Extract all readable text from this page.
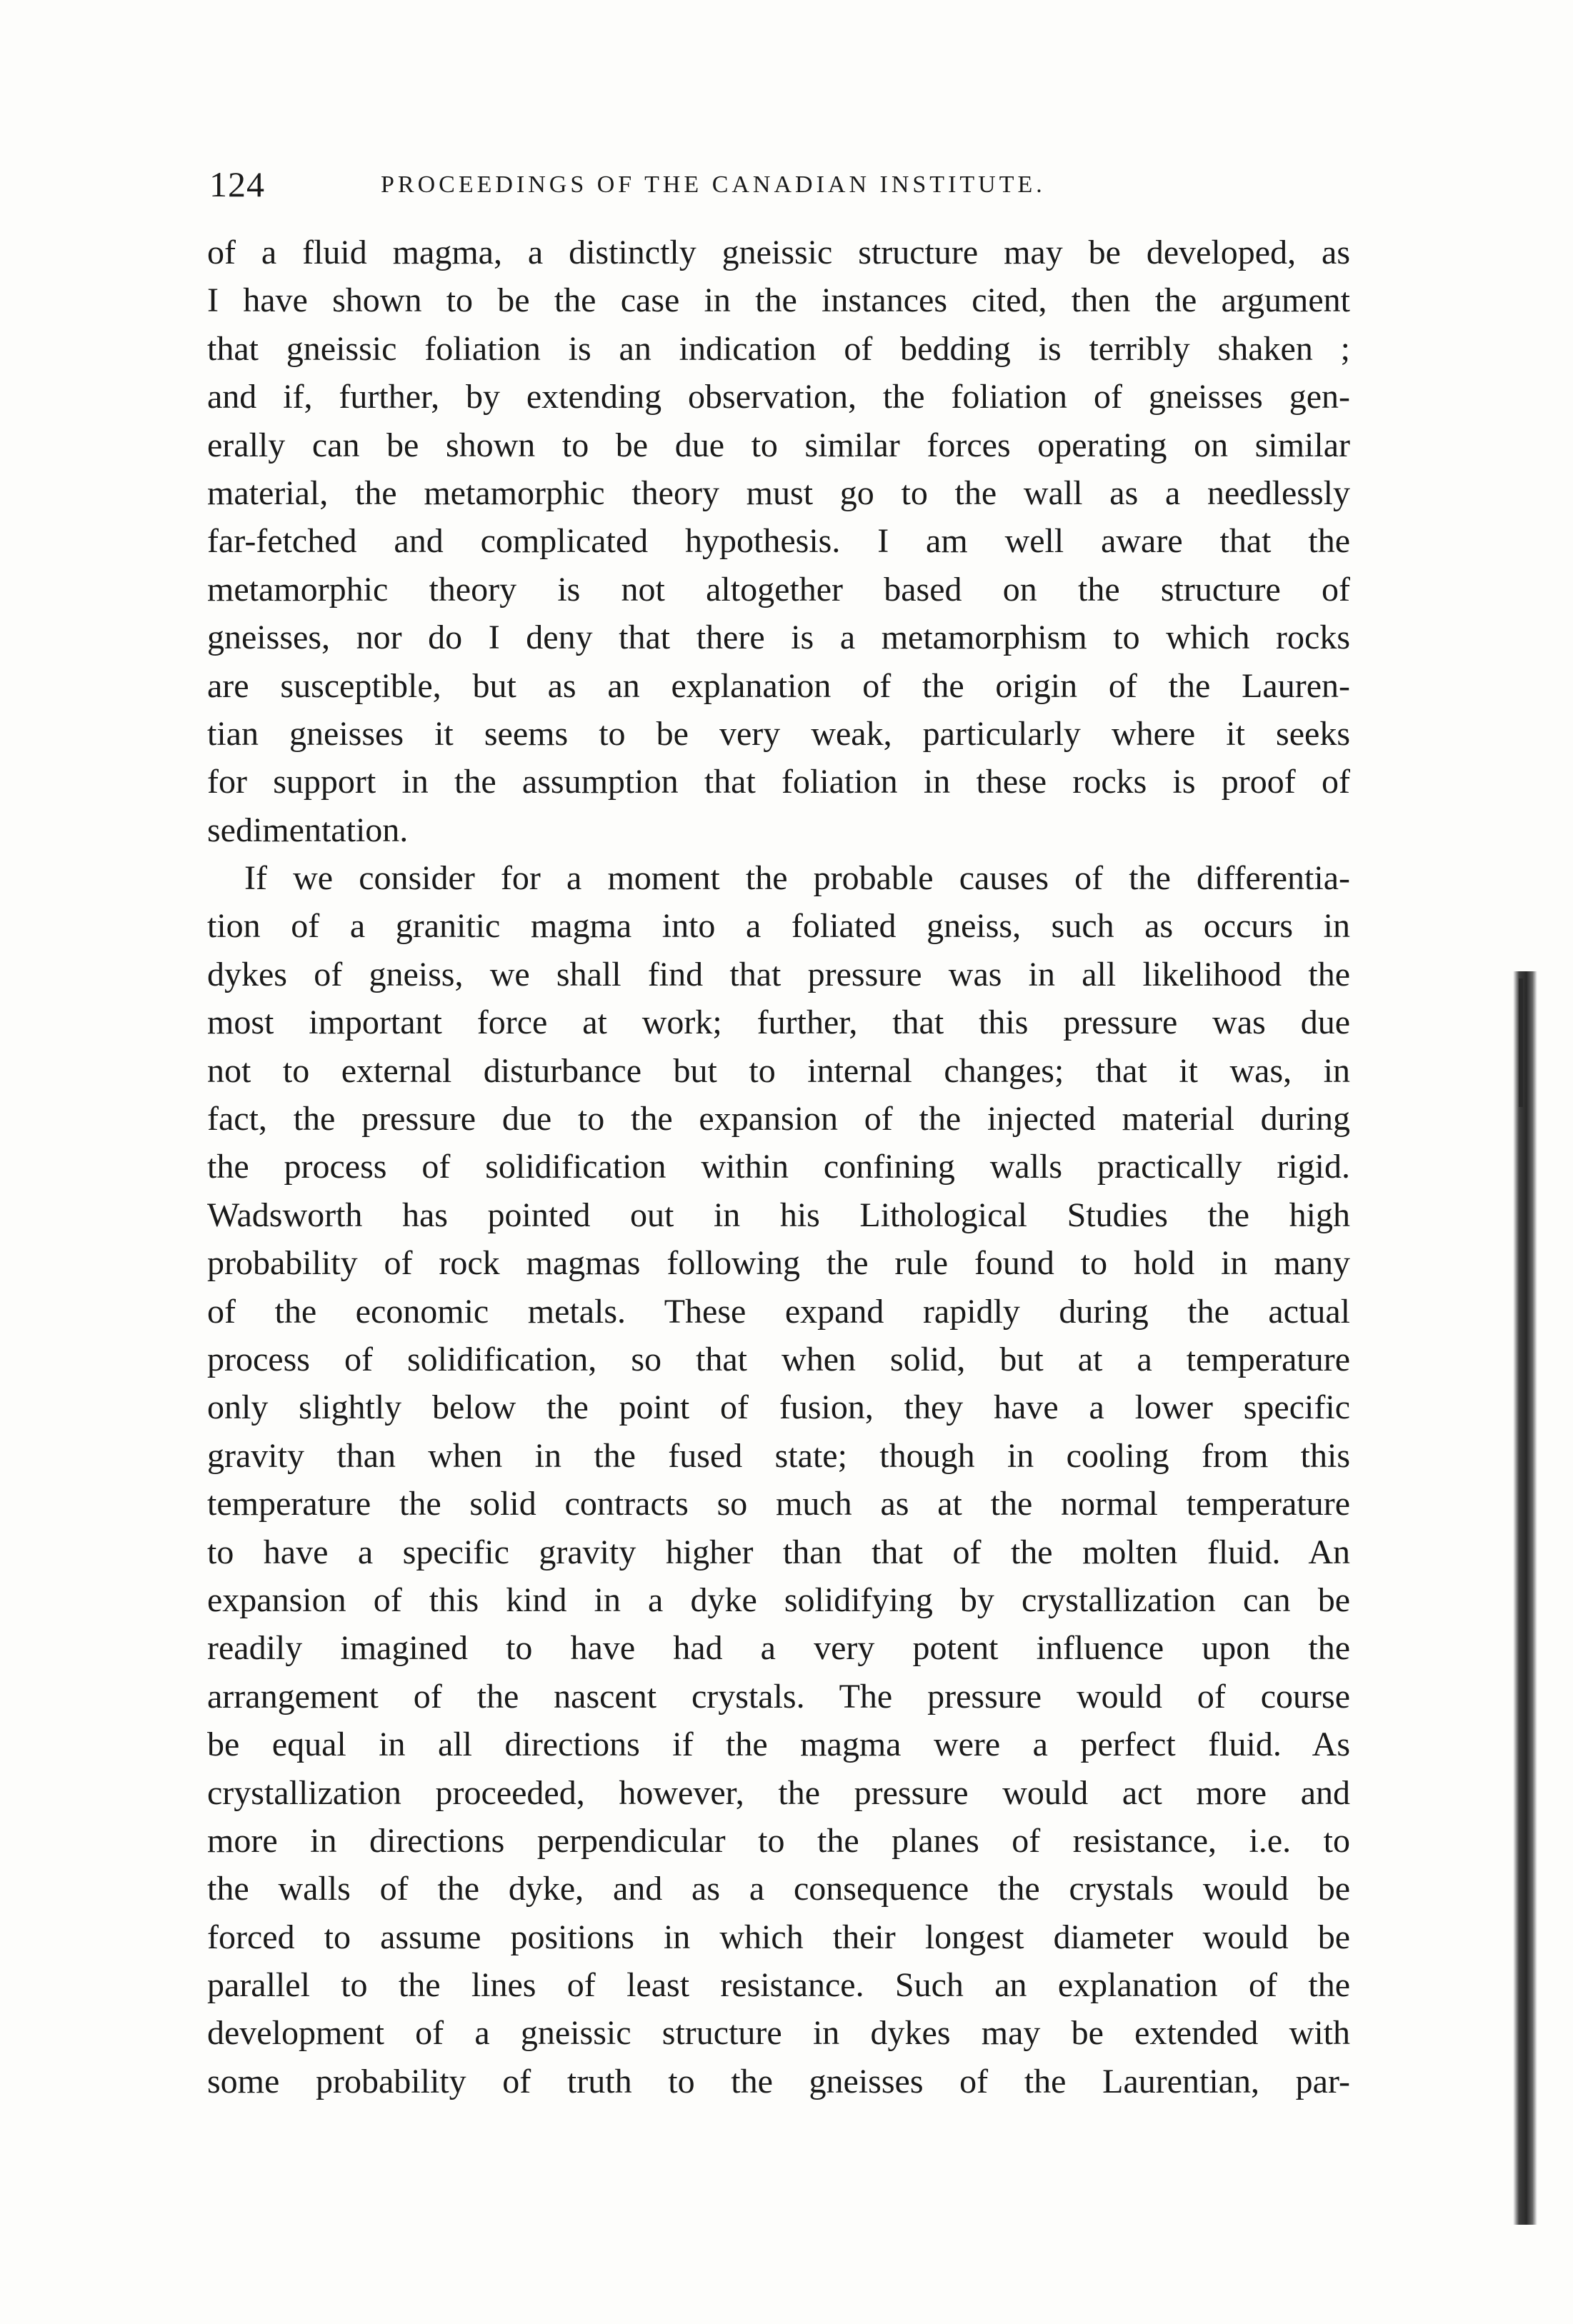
124	PROCEEDINGS OF THE CANADIAN INSTITUTE.
of a fluid magma, a distinctly gneissic structure may be developed, as
I have shown to be the case in the instances cited, then the argument
that gneissic foliation is an indication of bedding is terribly shaken ;
and if, further, by extending observation, the foliation of gneisses gen-
erally can be shown to be due to similar forces operating on similar
material, the metamorphic theory must go to the wall as a needlessly
far-fetched and complicated hypothesis. I am well aware that the
metamorphic theory is not altogether based on the structure of
gneisses, nor do I deny that there is a metamorphism to which rocks
are susceptible, but as an explanation of the origin of the Lauren-
tian gneisses it seems to be very weak, particularly where it seeks
for support in the assumption that foliation in these rocks is proof of
sedimentation.
If we consider for a moment the probable causes of the differentia-
tion of a granitic magma into a foliated gneiss, such as occurs in
dykes of gneiss, we shall find that pressure was in all likelihood the
most important force at work; further, that this pressure was due
not to external disturbance but to internal changes; that it was, in
fact, the pressure due to the expansion of the injected material during
the process of solidification within confining walls practically rigid.
Wadsworth has pointed out in his Lithological Studies the high
probability of rock magmas following the rule found to hold in many
of the economic metals. These expand rapidly during the actual
process of solidification, so that when solid, but at a temperature
only slightly below the point of fusion, they have a lower specific
gravity than when in the fused state; though in cooling from this
temperature the solid contracts so much as at the normal temperature
to have a specific gravity higher than that of the molten fluid. An
expansion of this kind in a dyke solidifying by crystallization can be
readily imagined to have had a very potent influence upon the
arrangement of the nascent crystals. The pressure would of course
be equal in all directions if the magma were a perfect fluid. As
crystallization proceeded, however, the pressure would act more and
more in directions perpendicular to the planes of resistance, i.e. to
the walls of the dyke, and as a consequence the crystals would be
forced to assume positions in which their longest diameter would be
parallel to the lines of least resistance. Such an explanation of the
development of a gneissic structure in dykes may be extended with
some probability of truth to the gneisses of the Laurentian, par-
